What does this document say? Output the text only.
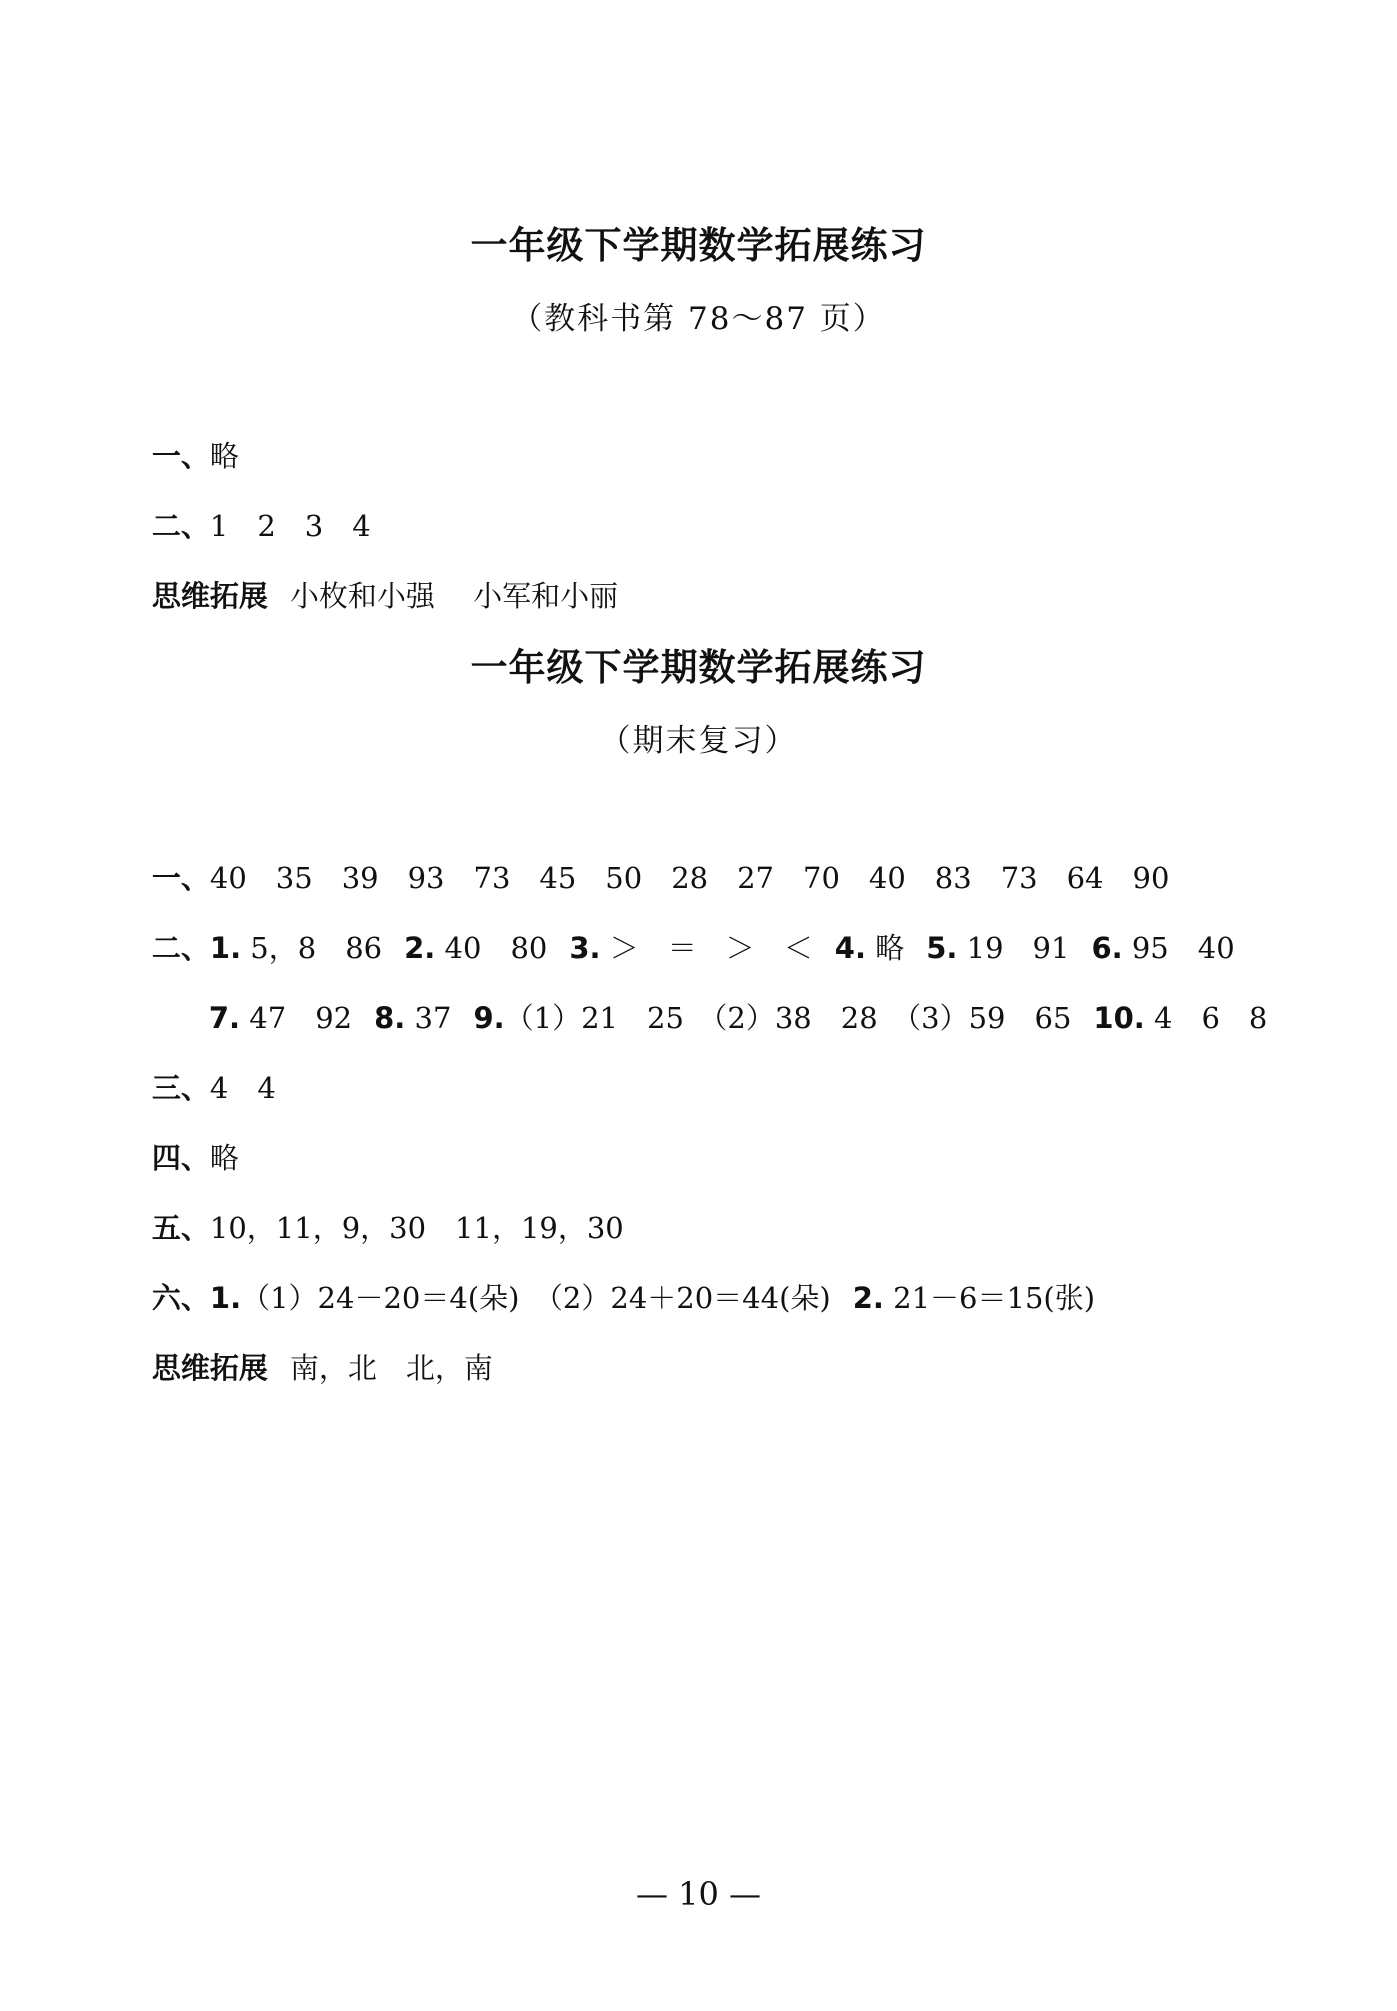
一年级下学期数学拓展练习
（教科书第 78～87 页）

一、略

二、1　2　3　4

思维拓展 小枚和小强　 小军和小丽

一年级下学期数学拓展练习
（期末复习）

一、40　35　39　93　73　45　50　28　27　70　40　83　73　64　90

二、1. 5，8　86 2. 40　80 3. ＞　＝　＞　＜ 4. 略 5. 19　91 6. 95　40

7. 47　92 8. 37 9.（1）21　25　（2）38　28　（3）59　65 10. 4　6　8

三、4　4

四、略

五、10，11，9，30　11，19，30

六、1.（1）24－20＝4(朵)　（2）24＋20＝44(朵) 2. 21－6＝15(张)

思维拓展 南，北　北，南

— 10 —
